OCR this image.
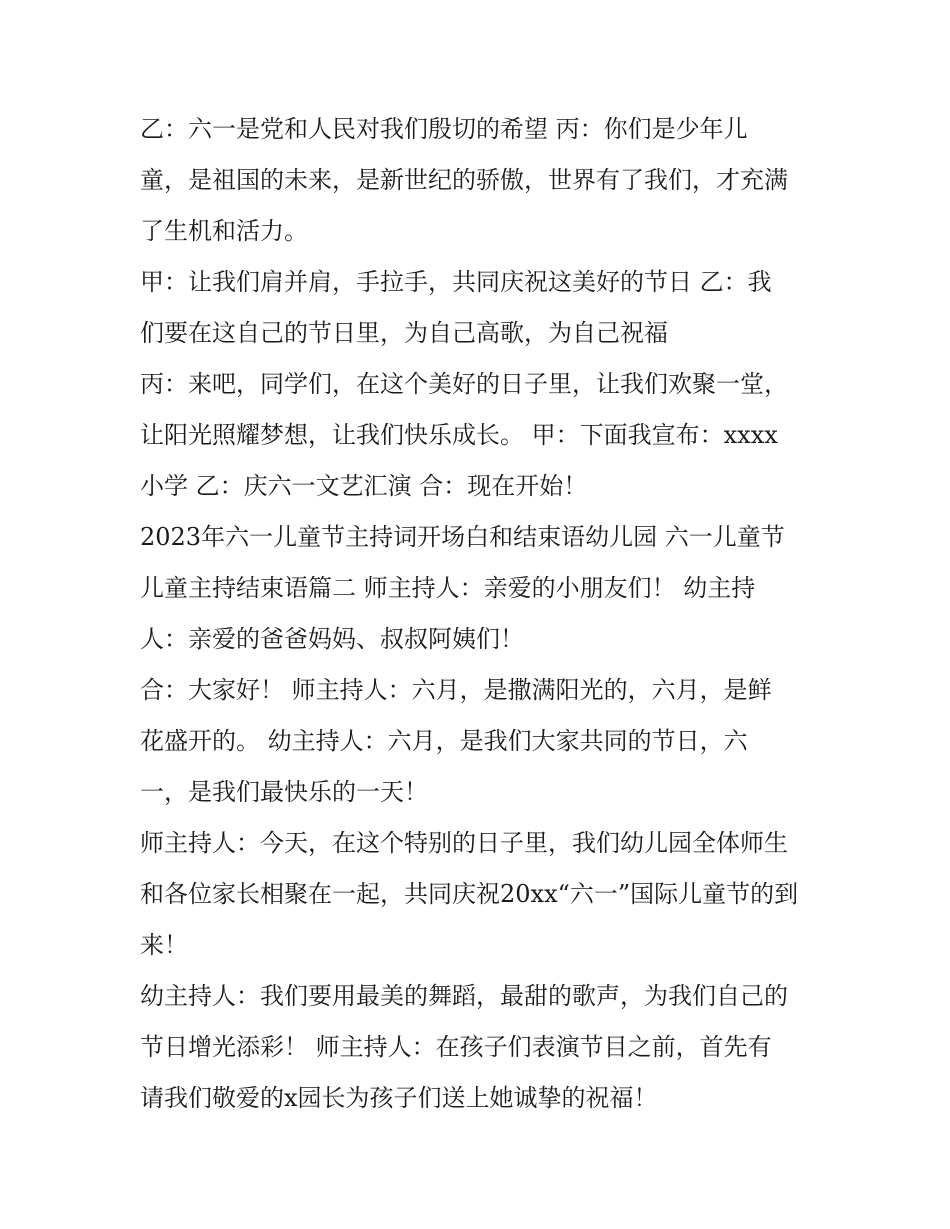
乙：六一是党和人民对我们殷切的希望 丙：你们是少年儿
童，是祖国的未来，是新世纪的骄傲，世界有了我们，才充满
了生机和活力。
甲：让我们肩并肩，手拉手，共同庆祝这美好的节日 乙：我
们要在这自己的节日里，为自己高歌，为自己祝福
丙：来吧，同学们，在这个美好的日子里，让我们欢聚一堂，
让阳光照耀梦想，让我们快乐成长。 甲：下面我宣布：xxxx
小学 乙：庆六一文艺汇演 合：现在开始！
2023年六一儿童节主持词开场白和结束语幼儿园 六一儿童节
儿童主持结束语篇二 师主持人：亲爱的小朋友们！ 幼主持
人：亲爱的爸爸妈妈、叔叔阿姨们！
合：大家好！ 师主持人：六月，是撒满阳光的，六月，是鲜
花盛开的。 幼主持人：六月，是我们大家共同的节日，六
一，是我们最快乐的一天！
师主持人：今天，在这个特别的日子里，我们幼儿园全体师生
和各位家长相聚在一起，共同庆祝20xx“六一”国际儿童节的到
来！
幼主持人：我们要用最美的舞蹈，最甜的歌声，为我们自己的
节日增光添彩！ 师主持人：在孩子们表演节目之前，首先有
请我们敬爱的x园长为孩子们送上她诚挚的祝福！
